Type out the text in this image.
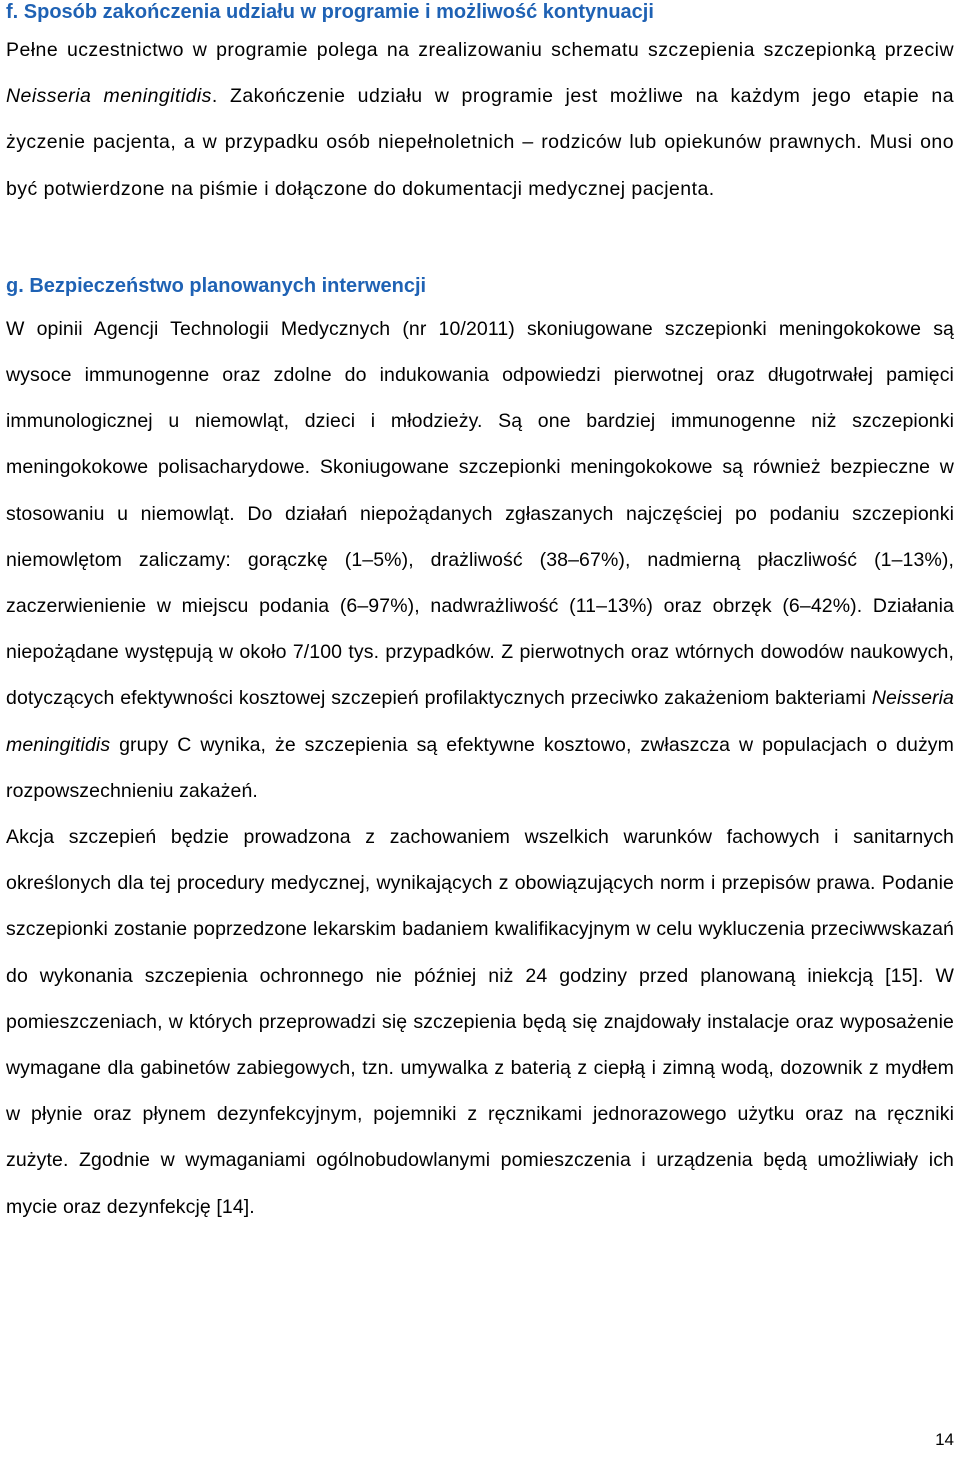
f. Sposób zakończenia udziału w programie i możliwość kontynuacji

Pełne uczestnictwo w programie polega na zrealizowaniu schematu szczepienia szczepionką przeciw Neisseria meningitidis. Zakończenie udziału w programie jest możliwe na każdym jego etapie na życzenie pacjenta, a w przypadku osób niepełnoletnich – rodziców lub opiekunów prawnych. Musi ono być potwierdzone na piśmie i dołączone do dokumentacji medycznej pacjenta.

g. Bezpieczeństwo planowanych interwencji

W opinii Agencji Technologii Medycznych (nr 10/2011) skoniugowane szczepionki meningokokowe są wysoce immunogenne oraz zdolne do indukowania odpowiedzi pierwotnej oraz długotrwałej pamięci immunologicznej u niemowląt, dzieci i młodzieży. Są one bardziej immunogenne niż szczepionki meningokokowe polisacharydowe. Skoniugowane szczepionki meningokokowe są również bezpieczne w stosowaniu u niemowląt. Do działań niepożądanych zgłaszanych najczęściej po podaniu szczepionki niemowlętom zaliczamy: gorączkę (1–5%), drażliwość (38–67%), nadmierną płaczliwość (1–13%), zaczerwienienie w miejscu podania (6–97%), nadwrażliwość (11–13%) oraz obrzęk (6–42%). Działania niepożądane występują w około 7/100 tys. przypadków. Z pierwotnych oraz wtórnych dowodów naukowych, dotyczących efektywności kosztowej szczepień profilaktycznych przeciwko zakażeniom bakteriami Neisseria meningitidis grupy C wynika, że szczepienia są efektywne kosztowo, zwłaszcza w populacjach o dużym rozpowszechnieniu zakażeń.

Akcja szczepień będzie prowadzona z zachowaniem wszelkich warunków fachowych i sanitarnych określonych dla tej procedury medycznej, wynikających z obowiązujących norm i przepisów prawa. Podanie szczepionki zostanie poprzedzone lekarskim badaniem kwalifikacyjnym w celu wykluczenia przeciwwskazań do wykonania szczepienia ochronnego nie później niż 24 godziny przed planowaną iniekcją [15]. W pomieszczeniach, w których przeprowadzi się szczepienia będą się znajdowały instalacje oraz wyposażenie wymagane dla gabinetów zabiegowych, tzn. umywalka z baterią z ciepłą i zimną wodą, dozownik z mydłem w płynie oraz płynem dezynfekcyjnym, pojemniki z ręcznikami jednorazowego użytku oraz na ręczniki zużyte. Zgodnie w wymaganiami ogólnobudowlanymi pomieszczenia i urządzenia będą umożliwiały ich mycie oraz dezynfekcję [14].

14
